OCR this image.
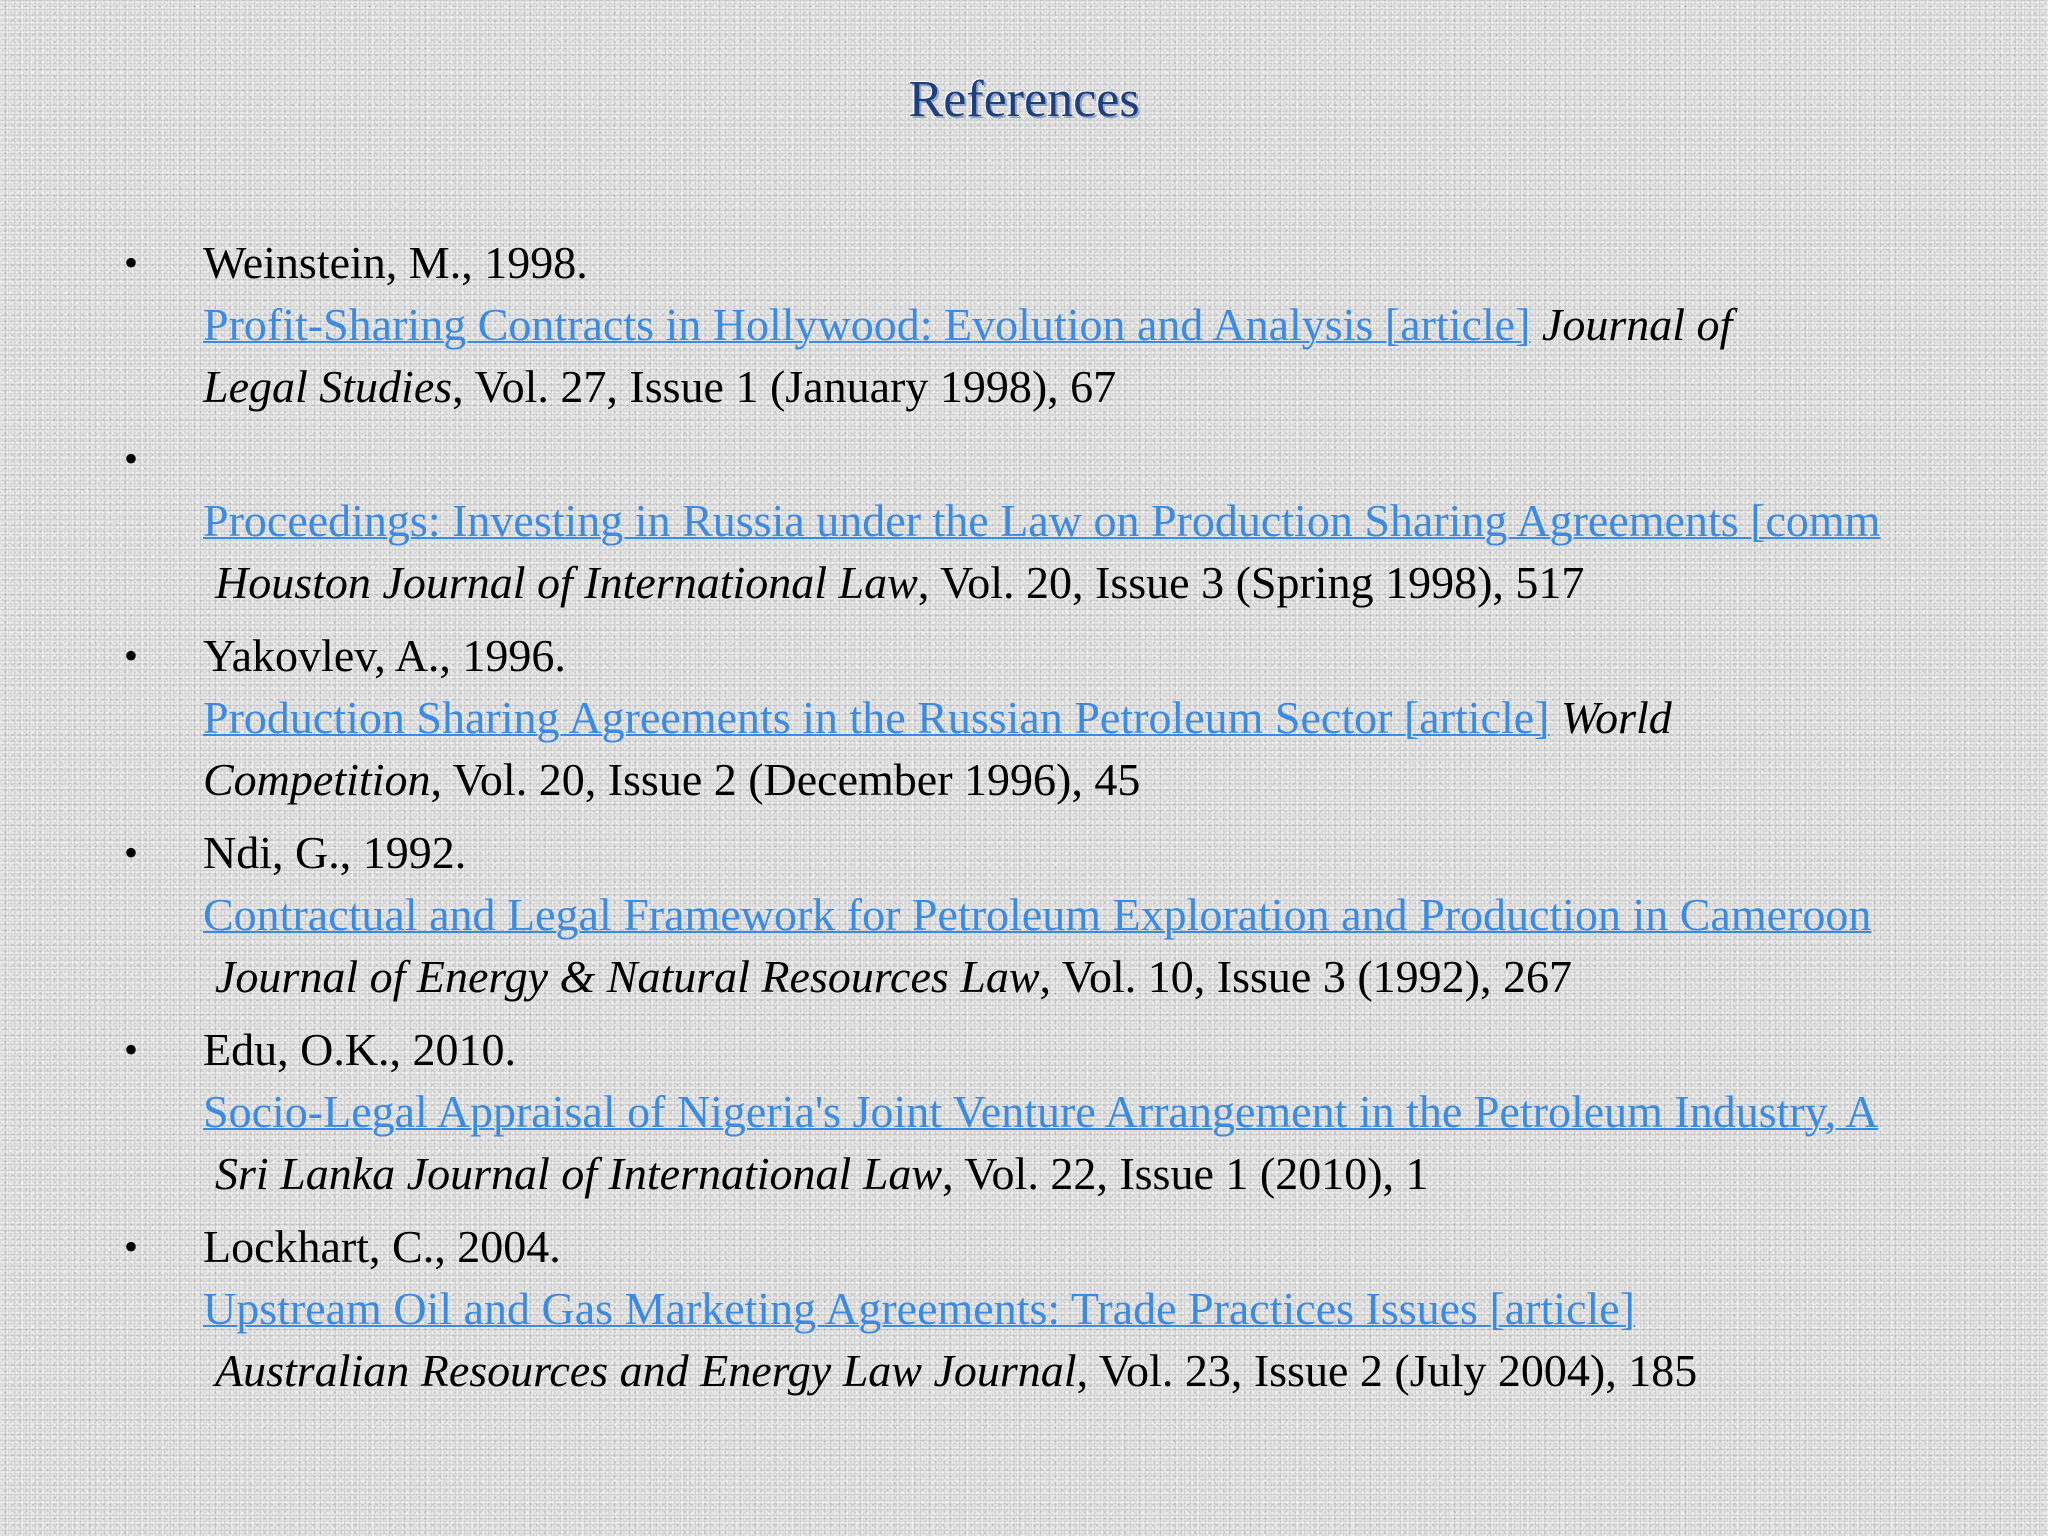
References
• Weinstein, M., 1998.
Profit-Sharing Contracts in Hollywood: Evolution and Analysis [article] Journal of
Legal Studies, Vol. 27, Issue 1 (January 1998), 67
•
Proceedings: Investing in Russia under the Law on Production Sharing Agreements [comm
Houston Journal of International Law, Vol. 20, Issue 3 (Spring 1998), 517
• Yakovlev, A., 1996.
Production Sharing Agreements in the Russian Petroleum Sector [article] World
Competition, Vol. 20, Issue 2 (December 1996), 45
• Ndi, G., 1992.
Contractual and Legal Framework for Petroleum Exploration and Production in Cameroon
Journal of Energy & Natural Resources Law, Vol. 10, Issue 3 (1992), 267
• Edu, O.K., 2010.
Socio-Legal Appraisal of Nigeria's Joint Venture Arrangement in the Petroleum Industry, A
Sri Lanka Journal of International Law, Vol. 22, Issue 1 (2010), 1
• Lockhart, C., 2004.
Upstream Oil and Gas Marketing Agreements: Trade Practices Issues [article]
Australian Resources and Energy Law Journal, Vol. 23, Issue 2 (July 2004), 185
